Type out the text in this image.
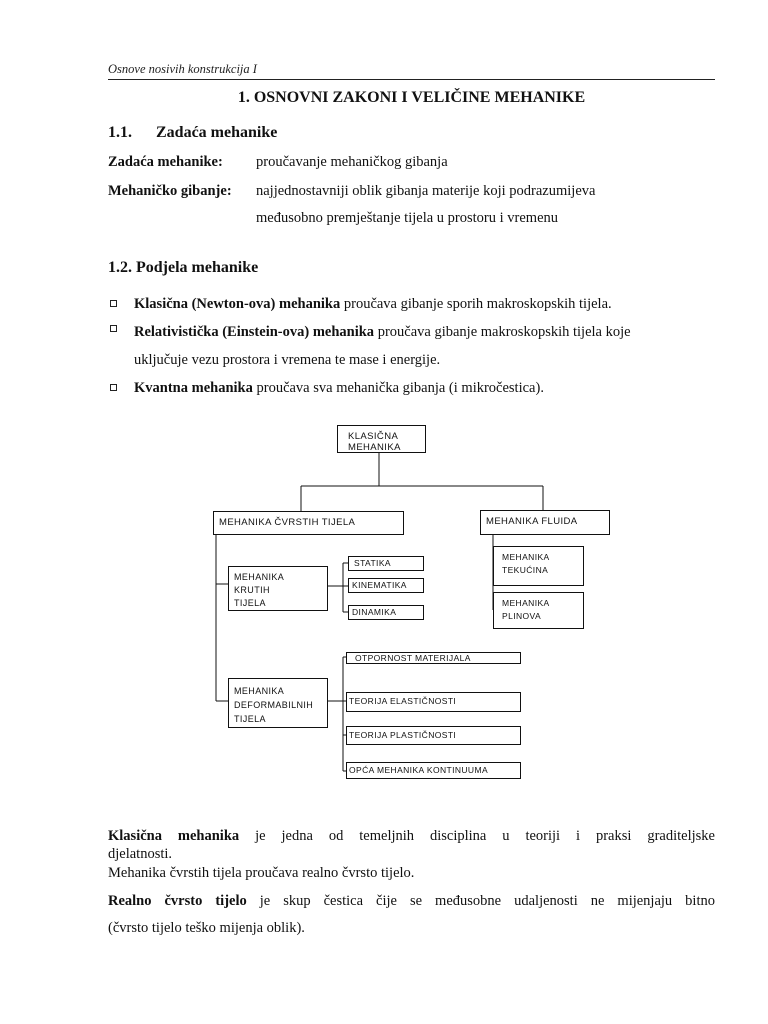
Osnove nosivih konstrukcija I
1. OSNOVNI ZAKONI I VELIČINE MEHANIKE
1.1. Zadaća mehanike
Zadaća mehanike: proučavanje mehaničkog gibanja
Mehaničko gibanje: najjednostavniji oblik gibanja materije koji podrazumijeva
međusobno premještanje tijela u prostoru i vremenu
1.2. Podjela mehanike
Klasična (Newton-ova) mehanika proučava gibanje sporih makroskopskih tijela.
Relativistička (Einstein-ova) mehanika proučava gibanje makroskopskih tijela koje
uključuje vezu prostora i vremena te mase i energije.
Kvantna mehanika proučava sva mehanička gibanja (i mikročestica).
KLASIČNA MEHANIKA
MEHANIKA ČVRSTIH TIJELA	MEHANIKA FLUIDA
MEHANIKA
KRUTIH
TIJELA
MEHANIKA
DEFORMABILNIH
TIJELA
STATIKA
KINEMATIKA
DINAMIKA
OTPORNOST MATERIJALA
TEORIJA ELASTIČNOSTI
TEORIJA PLASTIČNOSTI
OPĆA MEHANIKA KONTINUUMA
MEHANIKA
TEKUĆINA
MEHANIKA
PLINOVA
Klasična mehanika je jedna od temeljnih disciplina u teoriji i praksi graditeljske
djelatnosti.
Mehanika čvrstih tijela proučava realno čvrsto tijelo.
Realno čvrsto tijelo je skup čestica čije se međusobne udaljenosti ne mijenjaju bitno
(čvrsto tijelo teško mijenja oblik).
